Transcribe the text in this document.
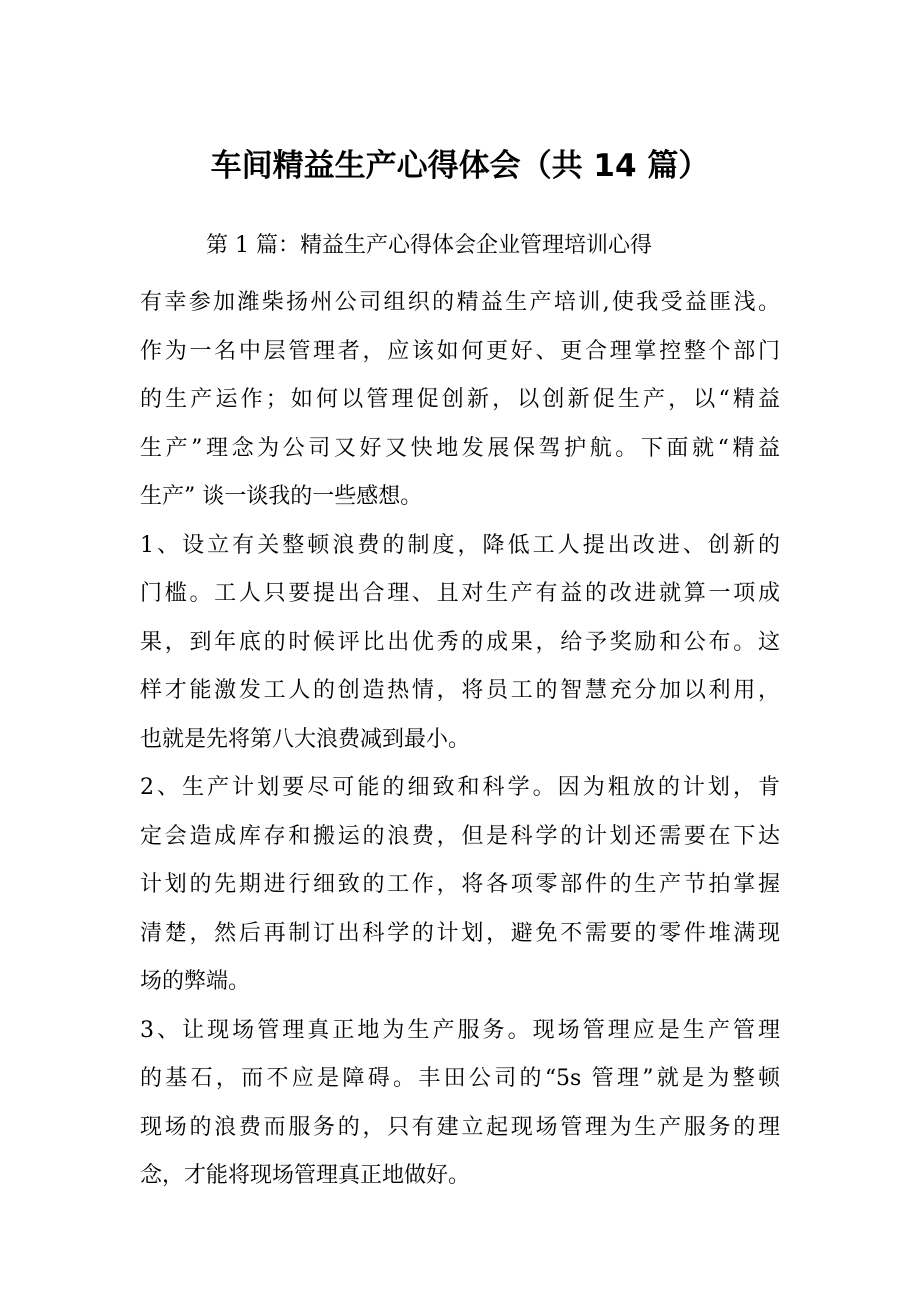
车间精益生产心得体会（共 14 篇）

第 1 篇：精益生产心得体会企业管理培训心得

有幸参加潍柴扬州公司组织的精益生产培训,使我受益匪浅。
作为一名中层管理者，应该如何更好、更合理掌控整个部门
的生产运作；如何以管理促创新，以创新促生产，以“精益
生产”理念为公司又好又快地发展保驾护航。下面就“精益
生产” 谈一谈我的一些感想。

1、设立有关整顿浪费的制度，降低工人提出改进、创新的
门槛。工人只要提出合理、且对生产有益的改进就算一项成
果，到年底的时候评比出优秀的成果，给予奖励和公布。这
样才能激发工人的创造热情，将员工的智慧充分加以利用，
也就是先将第八大浪费减到最小。

2、生产计划要尽可能的细致和科学。因为粗放的计划，肯
定会造成库存和搬运的浪费，但是科学的计划还需要在下达
计划的先期进行细致的工作，将各项零部件的生产节拍掌握
清楚，然后再制订出科学的计划，避免不需要的零件堆满现
场的弊端。

3、让现场管理真正地为生产服务。现场管理应是生产管理
的基石，而不应是障碍。丰田公司的“5s 管理”就是为整顿
现场的浪费而服务的，只有建立起现场管理为生产服务的理
念，才能将现场管理真正地做好。
